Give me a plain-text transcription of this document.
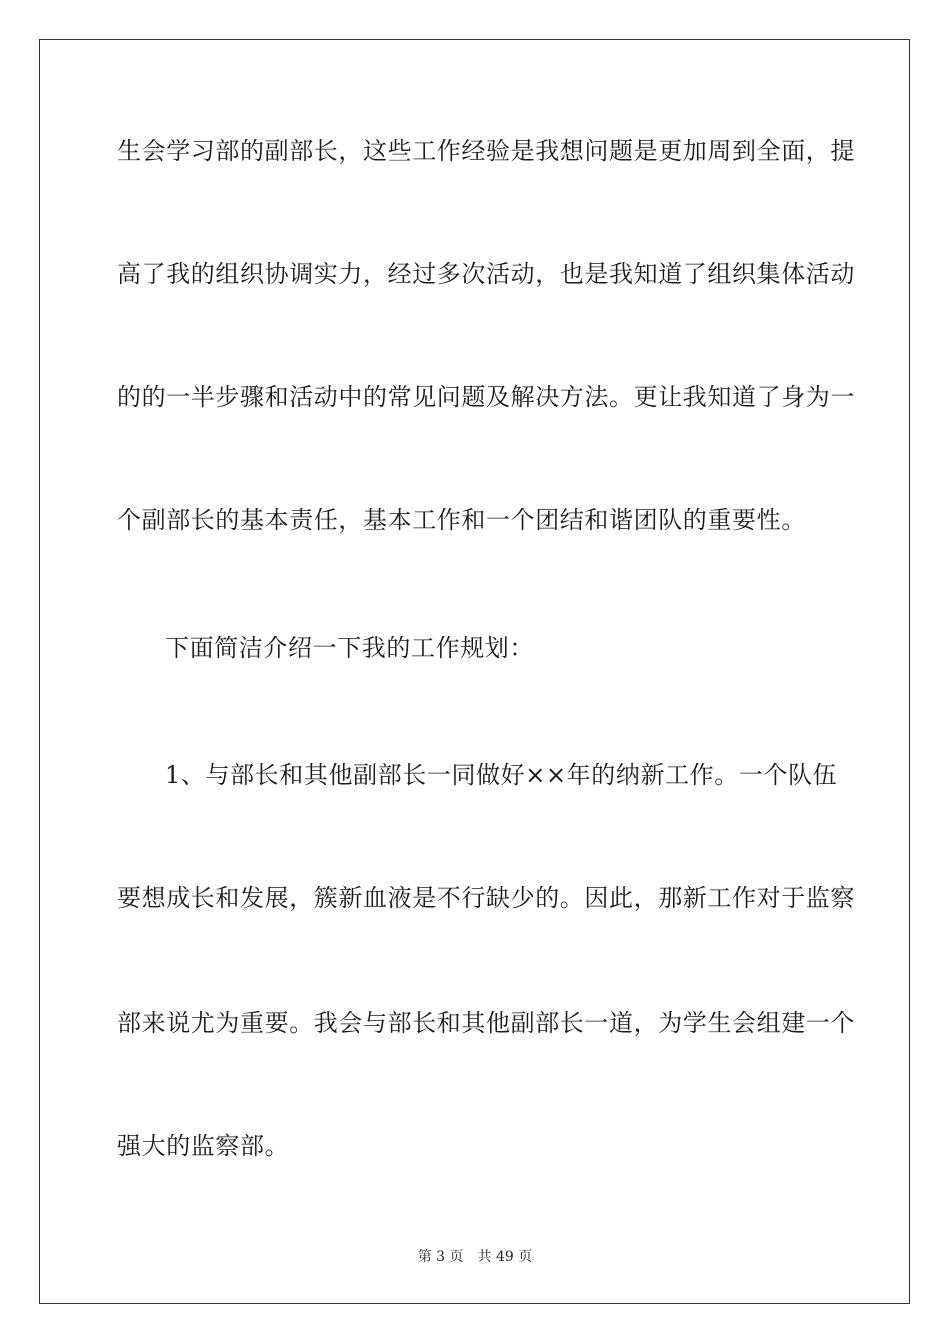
生会学习部的副部长，这些工作经验是我想问题是更加周到全面，提
高了我的组织协调实力，经过多次活动，也是我知道了组织集体活动
的的一半步骤和活动中的常见问题及解决方法。更让我知道了身为一
个副部长的基本责任，基本工作和一个团结和谐团队的重要性。
下面简洁介绍一下我的工作规划：
1、与部长和其他副部长一同做好××年的纳新工作。一个队伍
要想成长和发展，簇新血液是不行缺少的。因此，那新工作对于监察
部来说尤为重要。我会与部长和其他副部长一道，为学生会组建一个
强大的监察部。
第 3 页 共 49 页
